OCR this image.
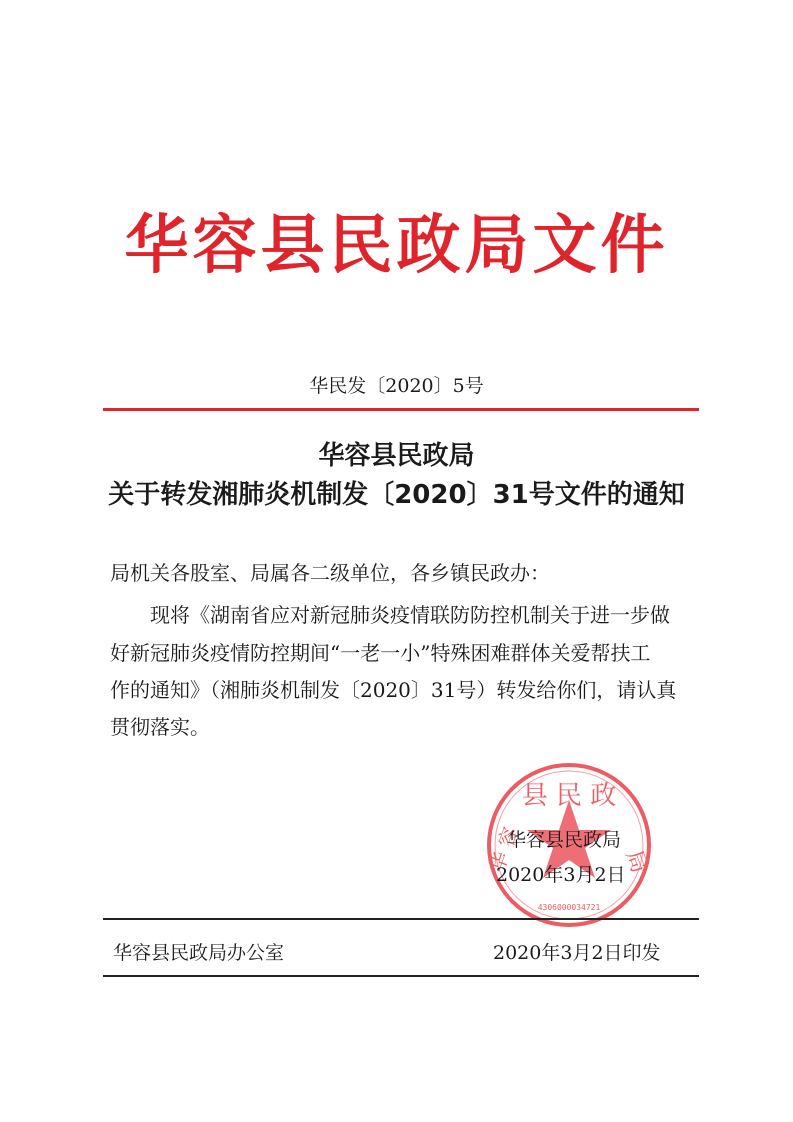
华容县民政局文件
华民发〔2020〕5号
华容县民政局
关于转发湘肺炎机制发〔2020〕31号文件的通知
局机关各股室、局属各二级单位，各乡镇民政办：
现将《湖南省应对新冠肺炎疫情联防防控机制关于进一步做
好新冠肺炎疫情防控期间“一老一小”特殊困难群体关爱帮扶工
作的通知》（湘肺炎机制发〔2020〕31号）转发给你们，请认真
贯彻落实。
县 民 政
华 容	局
4306000034721
华容县民政局
2020年3月2日
华容县民政局办公室	2020年3月2日印发
